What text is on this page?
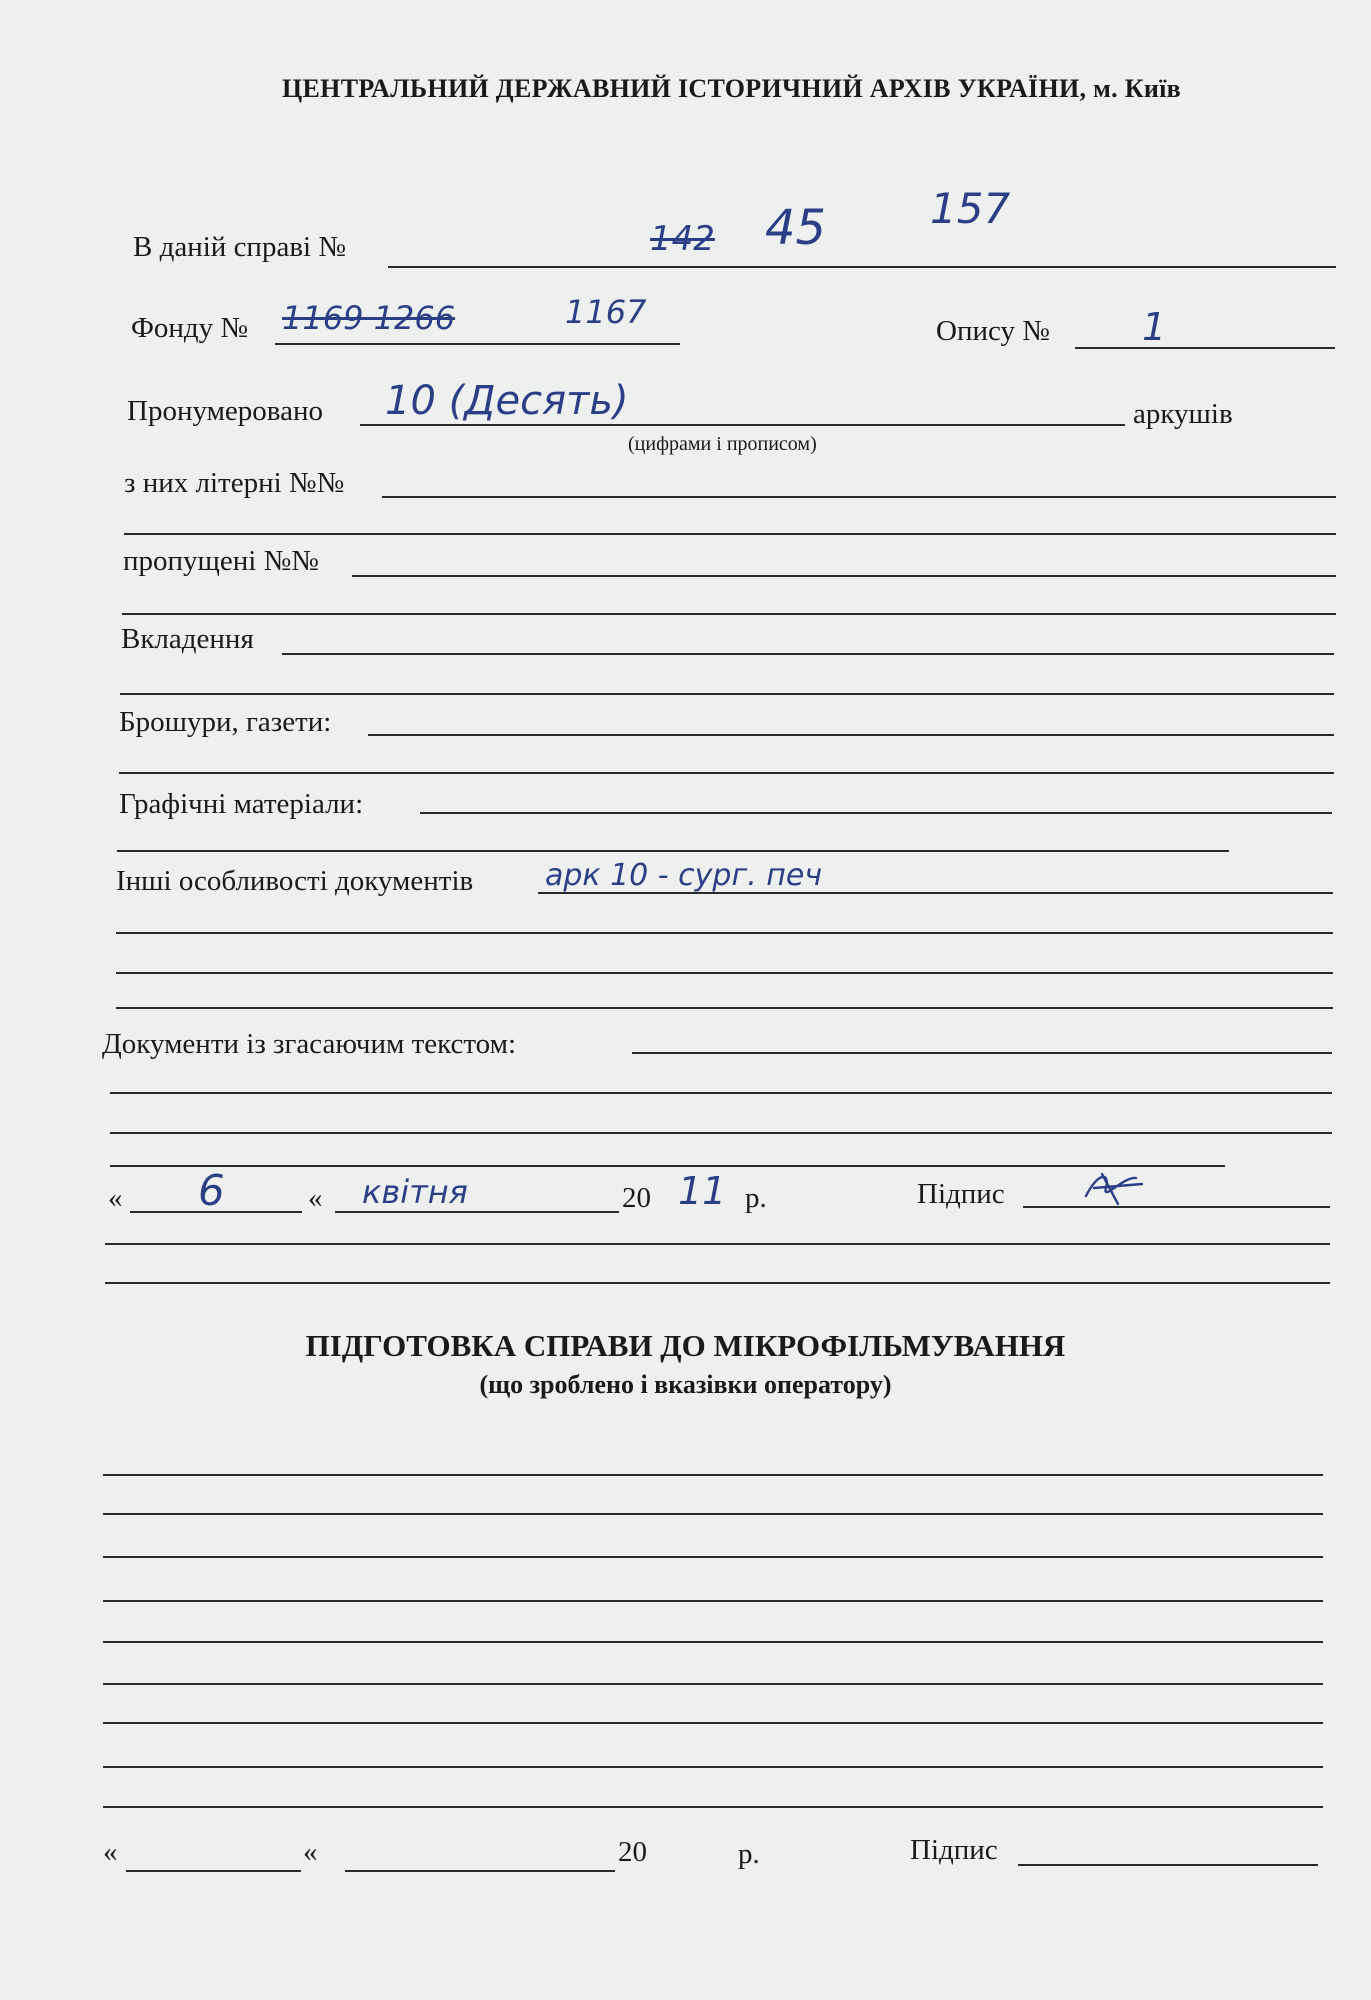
ЦЕНТРАЛЬНИЙ ДЕРЖАВНИЙ ІСТОРИЧНИЙ АРХІВ УКРАЇНИ, м. Київ
В даній справі №	142 45 157
Фонду № 1169 1266	1167	Опису № 1
Пронумеровано 10 (Десять)	аркушів
(цифрами і прописом)
з них літерні №№
пропущені №№
Вкладення
Брошури, газети:
Графічні матеріали:
Інші особливості документів арк 10 - сург. печ
Документи із згасаючим текстом:
« 6	« квітня	20 11 р.	Підпис
ПІДГОТОВКА СПРАВИ ДО МІКРОФІЛЬМУВАННЯ
(що зроблено і вказівки оператору)
«	«	20	р.	Підпис
